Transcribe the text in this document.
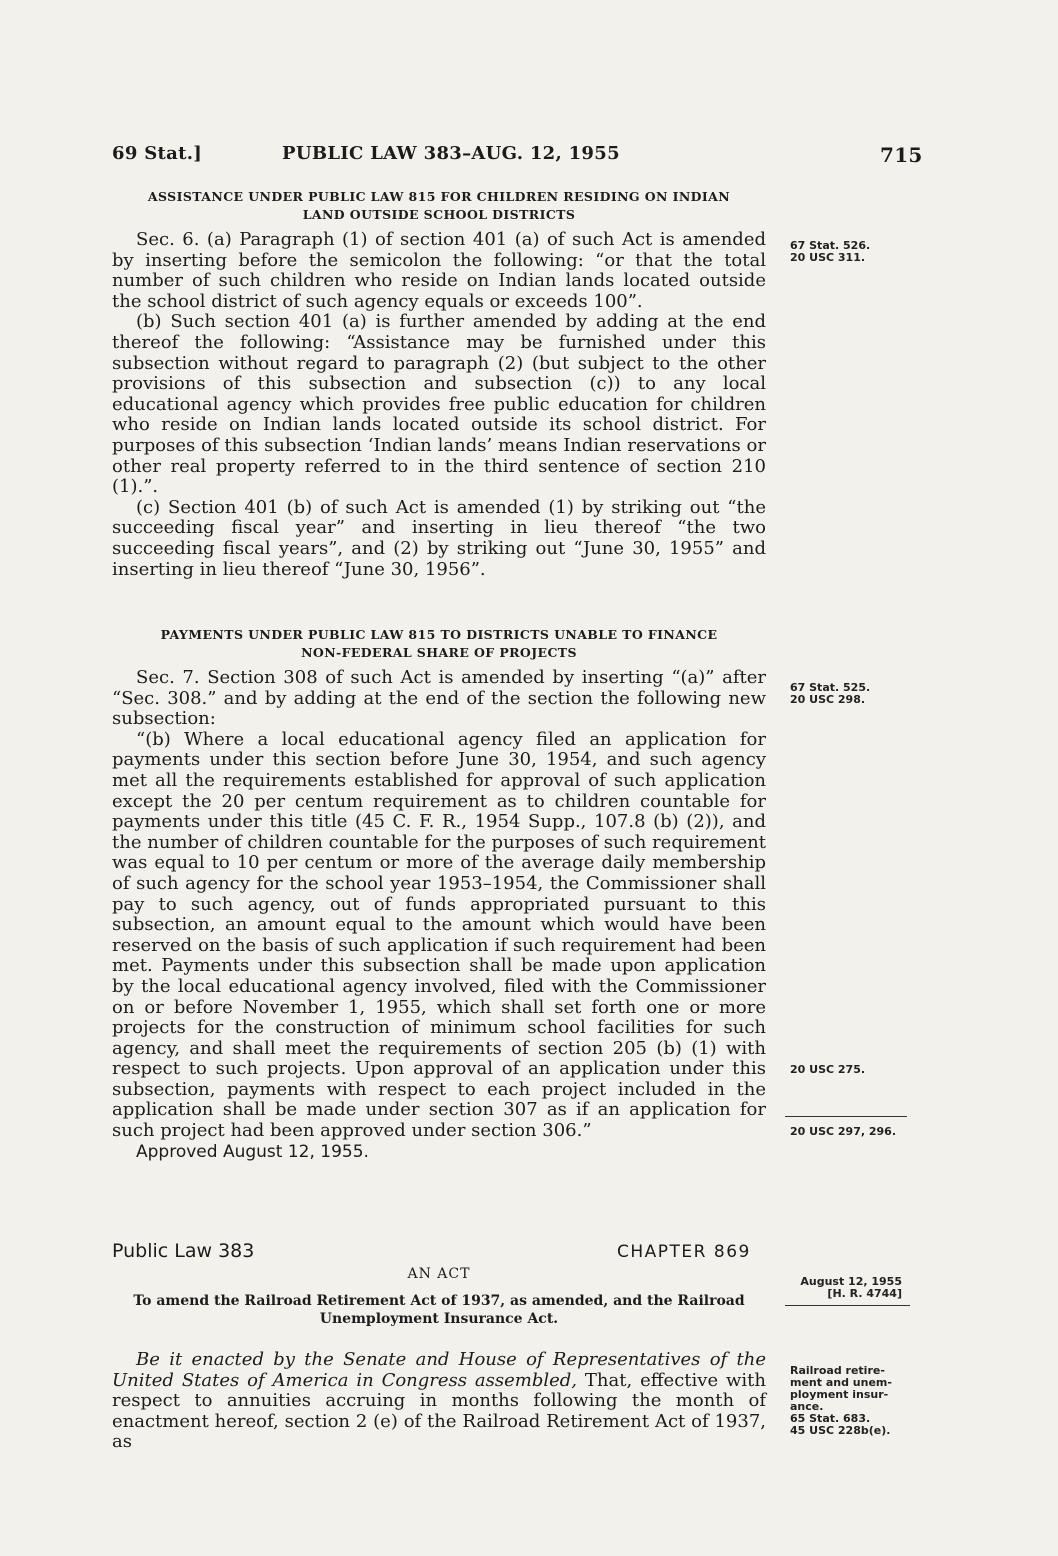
69 Stat.]	PUBLIC LAW 383–AUG. 12, 1955	715
ASSISTANCE UNDER PUBLIC LAW 815 FOR CHILDREN RESIDING ON INDIAN
LAND OUTSIDE SCHOOL DISTRICTS

Sec. 6. (a) Paragraph (1) of section 401 (a) of such Act is amended by inserting before the semicolon the following: “or that the total number of such children who reside on Indian lands located outside the school district of such agency equals or exceeds 100”.

(b) Such section 401 (a) is further amended by adding at the end thereof the following: “Assistance may be furnished under this subsection without regard to paragraph (2) (but subject to the other provisions of this subsection and subsection (c)) to any local educational agency which provides free public education for children who reside on Indian lands located outside its school district. For purposes of this subsection ‘Indian lands’ means Indian reservations or other real property referred to in the third sentence of section 210 (1).”.

(c) Section 401 (b) of such Act is amended (1) by striking out “the succeeding fiscal year” and inserting in lieu thereof “the two succeeding fiscal years”, and (2) by striking out “June 30, 1955” and inserting in lieu thereof “June 30, 1956”.

PAYMENTS UNDER PUBLIC LAW 815 TO DISTRICTS UNABLE TO FINANCE
NON-FEDERAL SHARE OF PROJECTS

Sec. 7. Section 308 of such Act is amended by inserting “(a)” after “Sec. 308.” and by adding at the end of the section the following new subsection:

“(b) Where a local educational agency filed an application for payments under this section before June 30, 1954, and such agency met all the requirements established for approval of such application except the 20 per centum requirement as to children countable for payments under this title (45 C. F. R., 1954 Supp., 107.8 (b) (2)), and the number of children countable for the purposes of such requirement was equal to 10 per centum or more of the average daily membership of such agency for the school year 1953–1954, the Commissioner shall pay to such agency, out of funds appropriated pursuant to this subsection, an amount equal to the amount which would have been reserved on the basis of such application if such requirement had been met. Payments under this subsection shall be made upon application by the local educational agency involved, filed with the Commissioner on or before November 1, 1955, which shall set forth one or more projects for the construction of minimum school facilities for such agency, and shall meet the requirements of section 205 (b) (1) with respect to such projects. Upon approval of an application under this subsection, payments with respect to each project included in the application shall be made under section 307 as if an application for such project had been approved under section 306.”

Approved August 12, 1955.

67 Stat. 526.
20 USC 311.
67 Stat. 525.
20 USC 298.
20 USC 275.
20 USC 297, 296.
August 12, 1955
[H. R. 4744]
Railroad retire-
ment and unem-
ployment insur-
ance.
65 Stat. 683.
45 USC 228b(e).
Public Law 383	CHAPTER 869
AN ACT
To amend the Railroad Retirement Act of 1937, as amended, and the Railroad
Unemployment Insurance Act.

Be it enacted by the Senate and House of Representatives of the United States of America in Congress assembled, That, effective with respect to annuities accruing in months following the month of enactment hereof, section 2 (e) of the Railroad Retirement Act of 1937, as
